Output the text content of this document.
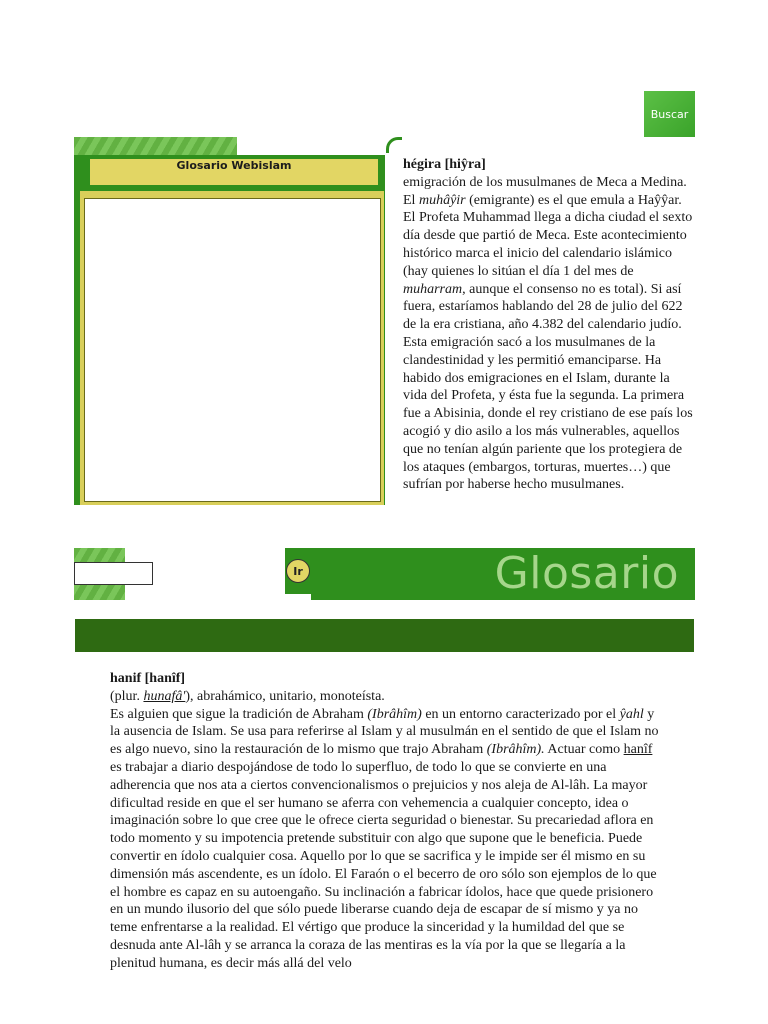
Buscar
Glosario Webislam	hégira [hiŷra]

emigración de los musulmanes de Meca a Medina.

El muhâŷir (emigrante) es el que emula a Haŷŷar. El Profeta Muhammad llega a dicha ciudad el sexto día desde que partió de Meca. Este acontecimiento histórico marca el inicio del calendario islámico (hay quienes lo sitúan el día 1 del mes de muharram, aunque el consenso no es total). Si así fuera, estaríamos hablando del 28 de julio del 622 de la era cristiana, año 4.382 del calendario judío. Esta emigración sacó a los musulmanes de la clandestinidad y les permitió emanciparse. Ha habido dos emigraciones en el Islam, durante la vida del Profeta, y ésta fue la segunda. La primera fue a Abisinia, donde el rey cristiano de ese país los acogió y dio asilo a los más vulnerables, aquellos que no tenían algún pariente que los protegiera de los ataques (embargos, torturas, muertes…) que sufrían por haberse hecho musulmanes.

Glosario
Ir

hanif [hanîf]

(plur. hunafâ'), abrahámico, unitario, monoteísta.

Es alguien que sigue la tradición de Abraham (Ibrâhîm) en un entorno caracterizado por el ŷahl y la ausencia de Islam. Se usa para referirse al Islam y al musulmán en el sentido de que el Islam no es algo nuevo, sino la restauración de lo mismo que trajo Abraham (Ibrâhîm). Actuar como hanîf es trabajar a diario despojándose de todo lo superfluo, de todo lo que se convierte en una adherencia que nos ata a ciertos convencionalismos o prejuicios y nos aleja de Al-lâh. La mayor dificultad reside en que el ser humano se aferra con vehemencia a cualquier concepto, idea o imaginación sobre lo que cree que le ofrece cierta seguridad o bienestar. Su precariedad aflora en todo momento y su impotencia pretende substituir con algo que supone que le beneficia. Puede convertir en ídolo cualquier cosa. Aquello por lo que se sacrifica y le impide ser él mismo en su dimensión más ascendente, es un ídolo. El Faraón o el becerro de oro sólo son ejemplos de lo que el hombre es capaz en su autoengaño. Su inclinación a fabricar ídolos, hace que quede prisionero en un mundo ilusorio del que sólo puede liberarse cuando deja de escapar de sí mismo y ya no teme enfrentarse a la realidad. El vértigo que produce la sinceridad y la humildad del que se desnuda ante Al-lâh y se arranca la coraza de las mentiras es la vía por la que se llegaría a la plenitud humana, es decir más allá del velo
